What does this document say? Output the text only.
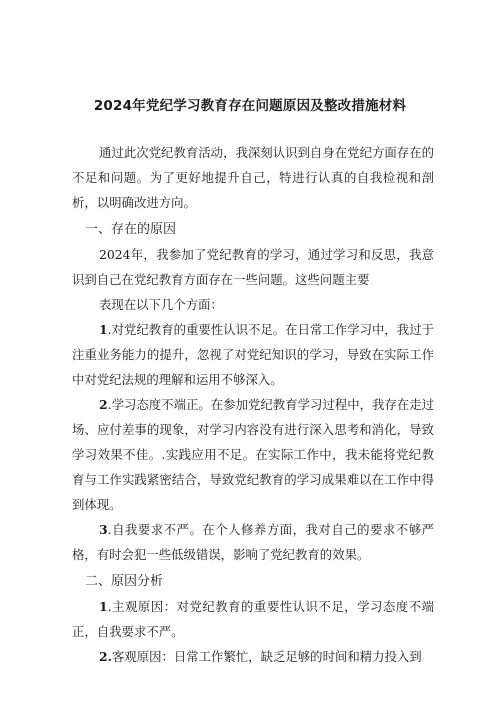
2024年党纪学习教育存在问题原因及整改措施材料

通过此次党纪教育活动，我深刻认识到自身在党纪方面存在的不足和问题。为了更好地提升自己，特进行认真的自我检视和剖析，以明确改进方向。

一、存在的原因

2024年，我参加了党纪教育的学习，通过学习和反思，我意识到自己在党纪教育方面存在一些问题。这些问题主要

表现在以下几个方面：

1.对党纪教育的重要性认识不足。在日常工作学习中，我过于注重业务能力的提升，忽视了对党纪知识的学习，导致在实际工作中对党纪法规的理解和运用不够深入。

2.学习态度不端正。在参加党纪教育学习过程中，我存在走过场、应付差事的现象，对学习内容没有进行深入思考和消化，导致学习效果不佳。.实践应用不足。在实际工作中，我未能将党纪教育与工作实践紧密结合，导致党纪教育的学习成果难以在工作中得到体现。

3.自我要求不严。在个人修养方面，我对自己的要求不够严格，有时会犯一些低级错误，影响了党纪教育的效果。

二、原因分析

1.主观原因：对党纪教育的重要性认识不足，学习态度不端正，自我要求不严。

2.客观原因：日常工作繁忙，缺乏足够的时间和精力投入到
